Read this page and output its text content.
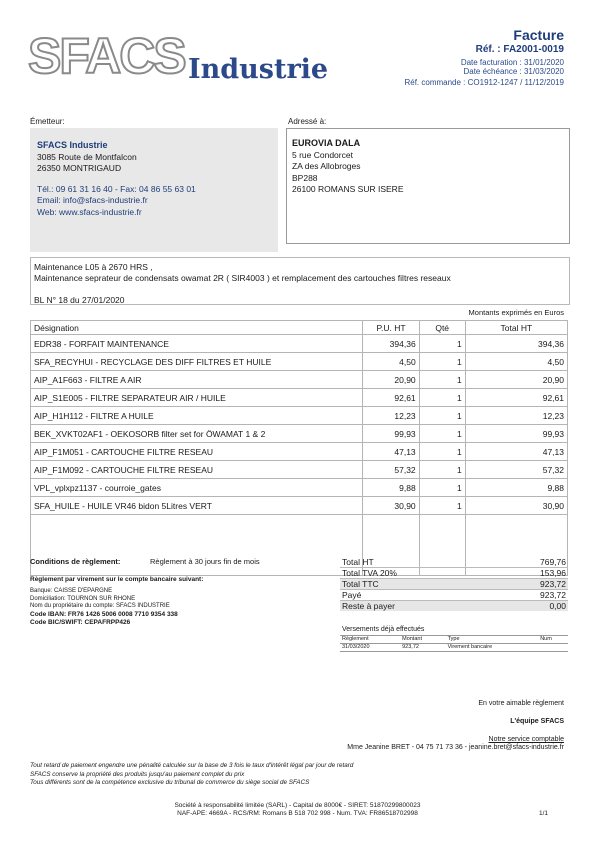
SFACS Industrie
Facture
Réf. : FA2001-0019
Date facturation : 31/01/2020
Date échéance : 31/03/2020
Réf. commande : CO1912-1247 / 11/12/2019
Émetteur:	Adressé à:
SFACS Industrie
3085 Route de Montfalcon
26350 MONTRIGAUD
Tél.: 09 61 31 16 40 - Fax: 04 86 55 63 01
Email: info@sfacs-industrie.fr
Web: www.sfacs-industrie.fr
EUROVIA DALA
5 rue Condorcet
ZA des Allobroges
BP288
26100 ROMANS SUR ISERE
Maintenance L05 à 2670 HRS ,
Maintenance seprateur de condensats owamat 2R ( SIR4003 ) et remplacement des cartouches filtres reseaux
BL N° 18 du 27/01/2020
Montants exprimés en Euros
Désignation	P.U. HT	Qté	Total HT
EDR38 - FORFAIT MAINTENANCE	394,36	1	394,36
SFA_RECYHUI - RECYCLAGE DES DIFF FILTRES ET HUILE	4,50	1	4,50
AIP_A1F663 - FILTRE A AIR	20,90	1	20,90
AIP_S1E005 - FILTRE SEPARATEUR AIR / HUILE	92,61	1	92,61
AIP_H1H112 - FILTRE A HUILE	12,23	1	12,23
BEK_XVKT02AF1 - OEKOSORB filter set for ÖWAMAT 1 & 2	99,93	1	99,93
AIP_F1M051 - CARTOUCHE FILTRE RESEAU	47,13	1	47,13
AIP_F1M092 - CARTOUCHE FILTRE RESEAU	57,32	1	57,32
VPL_vplxpz1137 - courroie_gates	9,88	1	9,88
SFA_HUILE - HUILE VR46 bidon 5Litres VERT	30,90	1	30,90

Conditions de règlement:	Règlement à 30 jours fin de mois
Règlement par virement sur le compte bancaire suivant:
Banque: CAISSE D'EPARGNE
Domiciliation: TOURNON SUR RHONE
Nom du propriétaire du compte: SFACS INDUSTRIE
Code IBAN: FR76 1426 5006 0008 7710 9354 338
Code BIC/SWIFT: CEPAFRPP426
Total HT	769,76
Total TVA 20%	153,96
Total TTC	923,72
Payé	923,72
Reste à payer	0,00
Versements déjà effectués
Règlement	Montant	Type	Num
31/03/2020	923,72	Virement bancaire	
En votre aimable règlement
L'équipe SFACS
Notre service comptable
Mme Jeanine BRET - 04 75 71 73 36 - jeanine.bret@sfacs-industrie.fr
Tout retard de paiement engendre une pénalité calculée sur la base de 3 fois le taux d'intérêt légal par jour de retard
SFACS conserve la propriété des produits jusqu'au paiement complet du prix
Tous différents sont de la compétence exclusive du tribunal de commerce du siège social de SFACS
Société à responsabilité limitée (SARL) - Capital de 8000€ - SIRET: 51870299800023
NAF-APE: 4669A - RCS/RM: Romans B 518 702 998 - Num. TVA: FR86518702998	1/1
